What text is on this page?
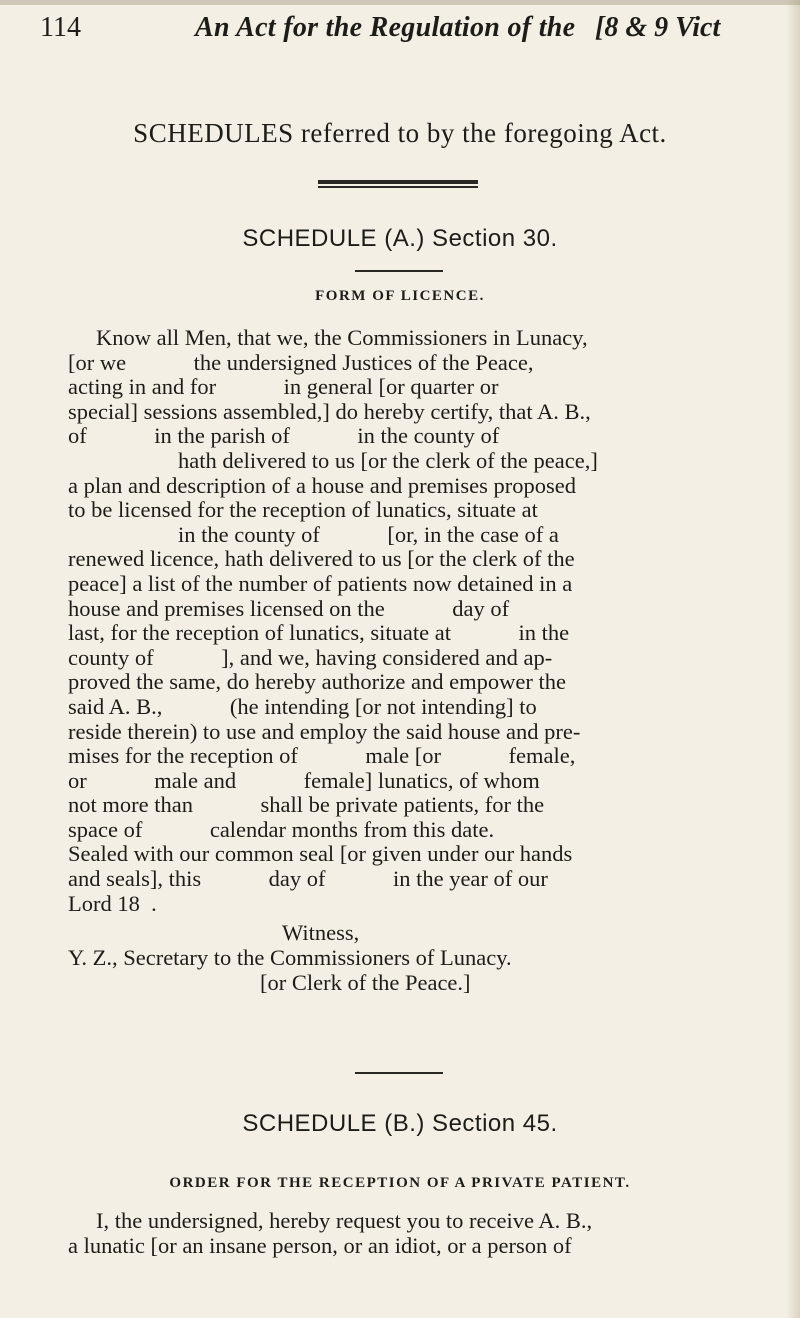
114	An Act for the Regulation of the [8 & 9 Vict
SCHEDULES referred to by the foregoing Act.
SCHEDULE (A.) Section 30.
FORM OF LICENCE.
Know all Men, that we, the Commissioners in Lunacy,
[or we            the undersigned Justices of the Peace,
acting in and for            in general [or quarter or
special] sessions assembled,] do hereby certify, that A. B.,
of            in the parish of            in the county of
hath delivered to us [or the clerk of the peace,]
a plan and description of a house and premises proposed
to be licensed for the reception of lunatics, situate at
in the county of            [or, in the case of a
renewed licence, hath delivered to us [or the clerk of the
peace] a list of the number of patients now detained in a
house and premises licensed on the            day of
last, for the reception of lunatics, situate at            in the
county of            ], and we, having considered and ap-
proved the same, do hereby authorize and empower the
said A. B.,            (he intending [or not intending] to
reside therein) to use and employ the said house and pre-
mises for the reception of            male [or            female,
or            male and            female] lunatics, of whom
not more than            shall be private patients, for the
space of            calendar months from this date.
Sealed with our common seal [or given under our hands
and seals], this            day of            in the year of our
Lord 18  .
Witness,
Y. Z., Secretary to the Commissioners of Lunacy.
[or Clerk of the Peace.]
SCHEDULE (B.) Section 45.
ORDER FOR THE RECEPTION OF A PRIVATE PATIENT.
I, the undersigned, hereby request you to receive A. B.,
a lunatic [or an insane person, or an idiot, or a person of
